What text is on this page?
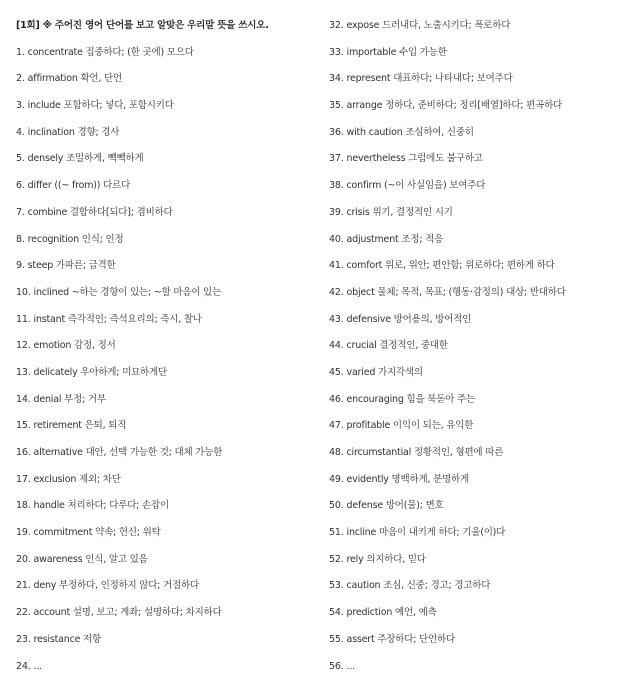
[1회] ※ 주어진 영어 단어를 보고 알맞은 우리말 뜻을 쓰시오.
1. concentrate 집중하다; (한 곳에) 모으다
2. affirmation 확언, 단언
3. include 포함하다; 넣다, 포함시키다
4. inclination 경향; 경사
5. densely 조밀하게, 빽빽하게
6. differ ((~ from)) 다르다
7. combine 결합하다[되다]; 겸비하다
8. recognition 인식; 인정
9. steep 가파른; 급격한
10. inclined ~하는 경향이 있는; ~할 마음이 있는
11. instant 즉각적인; 즉석요리의; 즉시, 찰나
12. emotion 감정, 정서
13. delicately 우아하게; 미묘하게단
14. denial 부정; 거부
15. retirement 은퇴, 퇴직
16. alternative 대안, 선택 가능한 것; 대체 가능한
17. exclusion 제외; 차단
18. handle 처리하다; 다루다; 손잡이
19. commitment 약속; 헌신; 위탁
20. awareness 인식, 알고 있음
21. deny 부정하다, 인정하지 않다; 거절하다
22. account 설명, 보고; 계좌; 설명하다; 차지하다
23. resistance 저항
24. ...
32. expose 드러내다, 노출시키다; 폭로하다
33. importable 수입 가능한
34. represent 대표하다; 나타내다; 보여주다
35. arrange 정하다, 준비하다; 정리[배열]하다; 편곡하다
36. with caution 조심하여, 신중히
37. nevertheless 그럼에도 불구하고
38. confirm (~이 사실임을) 보여주다
39. crisis 위기, 결정적인 시기
40. adjustment 조정; 적응
41. comfort 위로, 위안; 편안함; 위로하다; 편하게 하다
42. object 물체; 목적, 목표; (행동·감정의) 대상; 반대하다
43. defensive 방어용의, 방어적인
44. crucial 결정적인, 중대한
45. varied 가지각색의
46. encouraging 힘을 북돋아 주는
47. profitable 이익이 되는, 유익한
48. circumstantial 정황적인, 형편에 따른
49. evidently 명백하게, 분명하게
50. defense 방어(물); 변호
51. incline 마음이 내키게 하다; 기울(이)다
52. rely 의지하다, 믿다
53. caution 조심, 신중; 경고; 경고하다
54. prediction 예언, 예측
55. assert 주장하다; 단언하다
56. ...
